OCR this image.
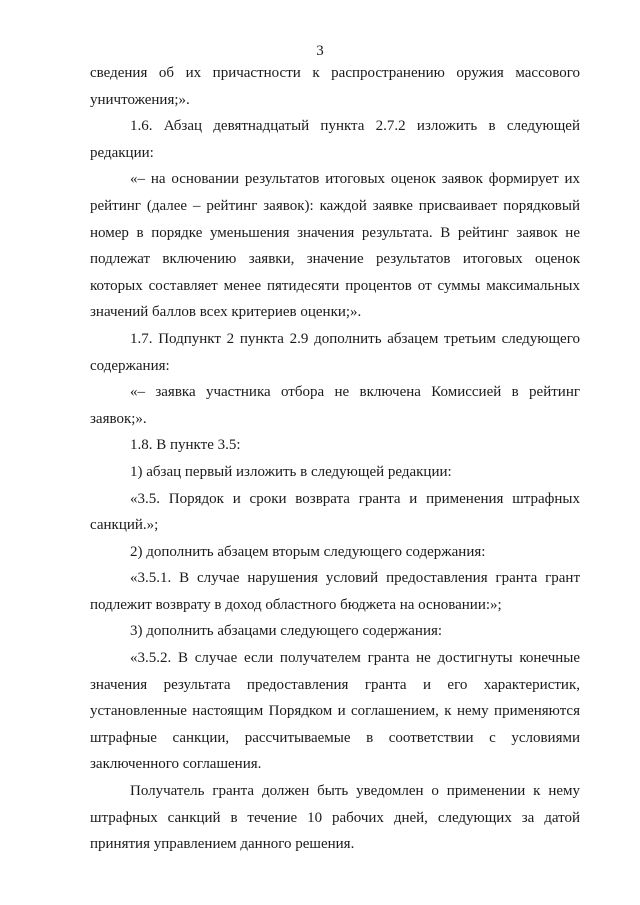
3

сведения об их причастности к распространению оружия массового уничтожения;».

1.6. Абзац девятнадцатый пункта 2.7.2 изложить в следующей редакции:

«– на основании результатов итоговых оценок заявок формирует их рейтинг (далее – рейтинг заявок): каждой заявке присваивает порядковый номер в порядке уменьшения значения результата. В рейтинг заявок не подлежат включению заявки, значение результатов итоговых оценок которых составляет менее пятидесяти процентов от суммы максимальных значений баллов всех критериев оценки;».

1.7. Подпункт 2 пункта 2.9 дополнить абзацем третьим следующего содержания:

«– заявка участника отбора не включена Комиссией в рейтинг заявок;».

1.8. В пункте 3.5:

1) абзац первый изложить в следующей редакции:

«3.5. Порядок и сроки возврата гранта и применения штрафных санкций.»;

2) дополнить абзацем вторым следующего содержания:

«3.5.1. В случае нарушения условий предоставления гранта грант подлежит возврату в доход областного бюджета на основании:»;

3) дополнить абзацами следующего содержания:

«3.5.2. В случае если получателем гранта не достигнуты конечные значения результата предоставления гранта и его характеристик, установленные настоящим Порядком и соглашением, к нему применяются штрафные санкции, рассчитываемые в соответствии с условиями заключенного соглашения.

Получатель гранта должен быть уведомлен о применении к нему штрафных санкций в течение 10 рабочих дней, следующих за датой принятия управлением данного решения.
